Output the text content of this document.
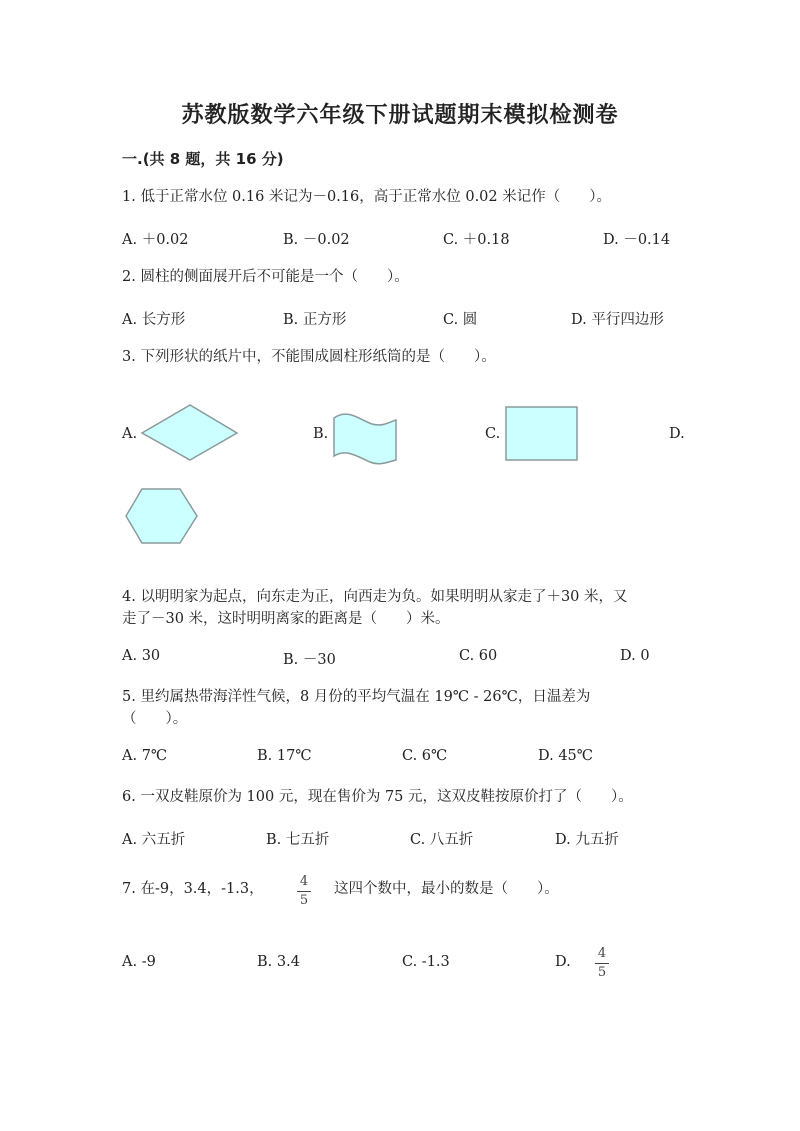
苏教版数学六年级下册试题期末模拟检测卷
一.(共 8 题，共 16 分)
1. 低于正常水位 0.16 米记为－0.16，高于正常水位 0.02 米记作（　　）。
A. ＋0.02	B. －0.02	C. ＋0.18	D. －0.14
2. 圆柱的侧面展开后不可能是一个（　　）。
A. 长方形	B. 正方形	C. 圆	D. 平行四边形
3. 下列形状的纸片中，不能围成圆柱形纸筒的是（　　）。
A.	B.	C.	D.
4. 以明明家为起点，向东走为正，向西走为负。如果明明从家走了＋30 米，又
走了－30 米，这时明明离家的距离是（　　）米。
A. 30	B. －30	C. 60	D. 0
5. 里约属热带海洋性气候，8 月份的平均气温在 19℃ - 26℃，日温差为
（　　）。
A. 7℃	B. 17℃	C. 6℃	D. 45℃
6. 一双皮鞋原价为 100 元，现在售价为 75 元，这双皮鞋按原价打了（　　）。
A. 六五折	B. 七五折	C. 八五折	D. 九五折
7. 在-9，3.4，-1.3，	4
5
这四个数中，最小的数是（　　）。
A. -9	B. 3.4	C. -1.3	D.
4
5
